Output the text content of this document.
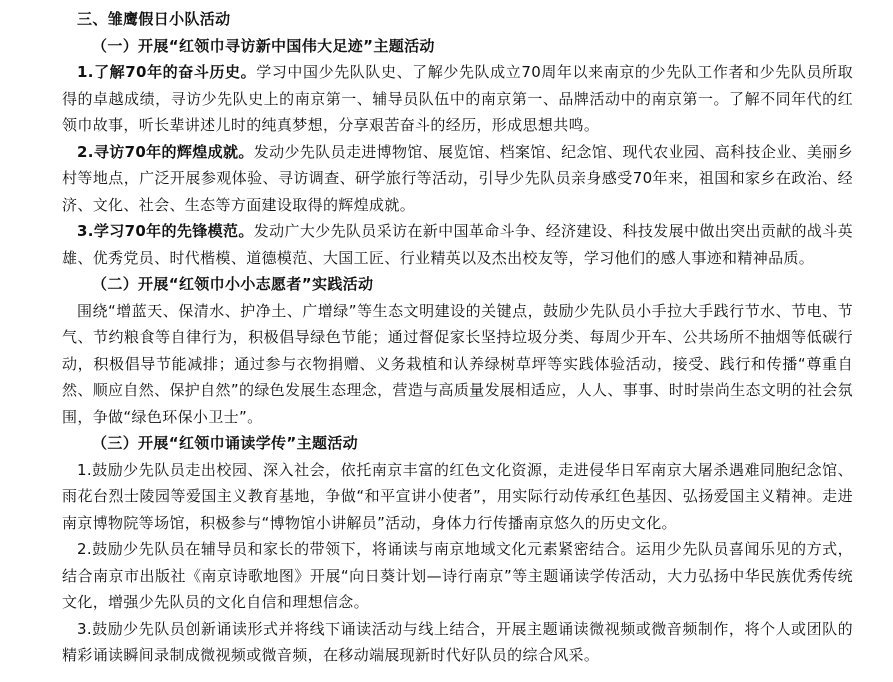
三、雏鹰假日小队活动

（一）开展“红领巾寻访新中国伟大足迹”主题活动

1.了解70年的奋斗历史。学习中国少先队队史、了解少先队成立70周年以来南京的少先队工作者和少先队员所取得的卓越成绩，寻访少先队史上的南京第一、辅导员队伍中的南京第一、品牌活动中的南京第一。了解不同年代的红领巾故事，听长辈讲述儿时的纯真梦想，分享艰苦奋斗的经历，形成思想共鸣。

2.寻访70年的辉煌成就。发动少先队员走进博物馆、展览馆、档案馆、纪念馆、现代农业园、高科技企业、美丽乡村等地点，广泛开展参观体验、寻访调查、研学旅行等活动，引导少先队员亲身感受70年来，祖国和家乡在政治、经济、文化、社会、生态等方面建设取得的辉煌成就。

3.学习70年的先锋模范。发动广大少先队员采访在新中国革命斗争、经济建设、科技发展中做出突出贡献的战斗英雄、优秀党员、时代楷模、道德模范、大国工匠、行业精英以及杰出校友等，学习他们的感人事迹和精神品质。

（二）开展“红领巾小小志愿者”实践活动

围绕“增蓝天、保清水、护净土、广增绿”等生态文明建设的关键点，鼓励少先队员小手拉大手践行节水、节电、节气、节约粮食等自律行为，积极倡导绿色节能；通过督促家长坚持垃圾分类、每周少开车、公共场所不抽烟等低碳行动，积极倡导节能减排；通过参与衣物捐赠、义务栽植和认养绿树草坪等实践体验活动，接受、践行和传播“尊重自然、顺应自然、保护自然”的绿色发展生态理念，营造与高质量发展相适应，人人、事事、时时崇尚生态文明的社会氛围，争做“绿色环保小卫士”。

（三）开展“红领巾诵读学传”主题活动

1.鼓励少先队员走出校园、深入社会，依托南京丰富的红色文化资源，走进侵华日军南京大屠杀遇难同胞纪念馆、雨花台烈士陵园等爱国主义教育基地，争做“和平宣讲小使者”，用实际行动传承红色基因、弘扬爱国主义精神。走进南京博物院等场馆，积极参与“博物馆小讲解员”活动，身体力行传播南京悠久的历史文化。

2.鼓励少先队员在辅导员和家长的带领下，将诵读与南京地域文化元素紧密结合。运用少先队员喜闻乐见的方式，结合南京市出版社《南京诗歌地图》开展“向日葵计划—诗行南京”等主题诵读学传活动，大力弘扬中华民族优秀传统文化，增强少先队员的文化自信和理想信念。

3.鼓励少先队员创新诵读形式并将线下诵读活动与线上结合，开展主题诵读微视频或微音频制作，将个人或团队的精彩诵读瞬间录制成微视频或微音频，在移动端展现新时代好队员的综合风采。
